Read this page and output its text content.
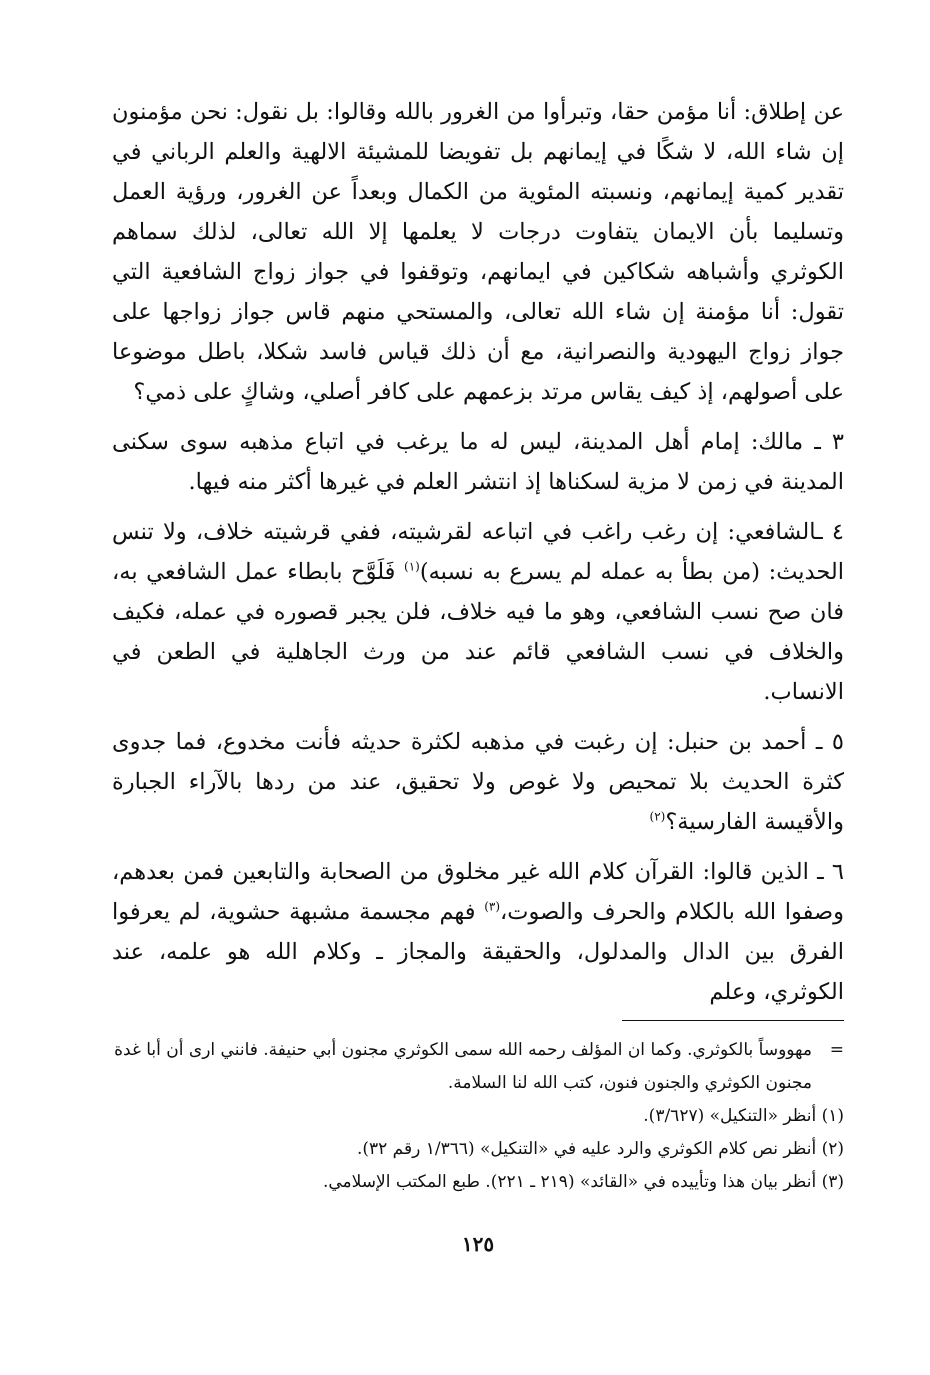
عن إطلاق: أنا مؤمن حقا، وتبرأوا من الغرور بالله وقالوا: بل نقول: نحن مؤمنون إن شاء الله، لا شكًا في إيمانهم بل تفويضا للمشيئة الالهية والعلم الرباني في تقدير كمية إيمانهم، ونسبته المئوية من الكمال وبعداً عن الغرور، ورؤية العمل وتسليما بأن الايمان يتفاوت درجات لا يعلمها إلا الله تعالى، لذلك سماهم الكوثري وأشباهه شكاكين في ايمانهم، وتوقفوا في جواز زواج الشافعية التي تقول: أنا مؤمنة إن شاء الله تعالى، والمستحي منهم قاس جواز زواجها على جواز زواج اليهودية والنصرانية، مع أن ذلك قياس فاسد شكلا، باطل موضوعا على أصولهم، إذ كيف يقاس مرتد بزعمهم على كافر أصلي، وشاكٍ على ذمي؟

٣ ـ مالك: إمام أهل المدينة، ليس له ما يرغب في اتباع مذهبه سوى سكنى المدينة في زمن لا مزية لسكناها إذ انتشر العلم في غيرها أكثر منه فيها.

٤ ـالشافعي: إن رغب راغب في اتباعه لقرشيته، ففي قرشيته خلاف، ولا تنس الحديث: (من بطأ به عمله لم يسرع به نسبه)$^{(١)}$ فَلَوَّح بابطاء عمل الشافعي به، فان صح نسب الشافعي، وهو ما فيه خلاف، فلن يجبر قصوره في عمله، فكيف والخلاف في نسب الشافعي قائم عند من ورث الجاهلية في الطعن في الانساب.

٥ ـ أحمد بن حنبل: إن رغبت في مذهبه لكثرة حديثه فأنت مخدوع، فما جدوى كثرة الحديث بلا تمحيص ولا غوص ولا تحقيق، عند من ردها بالآراء الجبارة والأقيسة الفارسية؟$^{(٢)}$

٦ ـ الذين قالوا: القرآن كلام الله غير مخلوق من الصحابة والتابعين فمن بعدهم، وصفوا الله بالكلام والحرف والصوت،$^{(٣)}$ فهم مجسمة مشبهة حشوية، لم يعرفوا الفرق بين الدال والمدلول، والحقيقة والمجاز ـ وكلام الله هو علمه، عند الكوثري، وعلم

=مهووساً بالكوثري. وكما ان المؤلف رحمه الله سمى الكوثري مجنون أبي حنيفة. فانني ارى أن أبا غدة مجنون الكوثري والجنون فنون، كتب الله لنا السلامة.

(١) أنظر «التنكيل» (٣/٦٢٧).

(٢) أنظر نص كلام الكوثري والرد عليه في «التنكيل» (١/٣٦٦ رقم ٣٢).

(٣) أنظر بيان هذا وتأييده في «القائد» (٢١٩ ـ ٢٢١). طبع المكتب الإسلامي.

١٢٥
